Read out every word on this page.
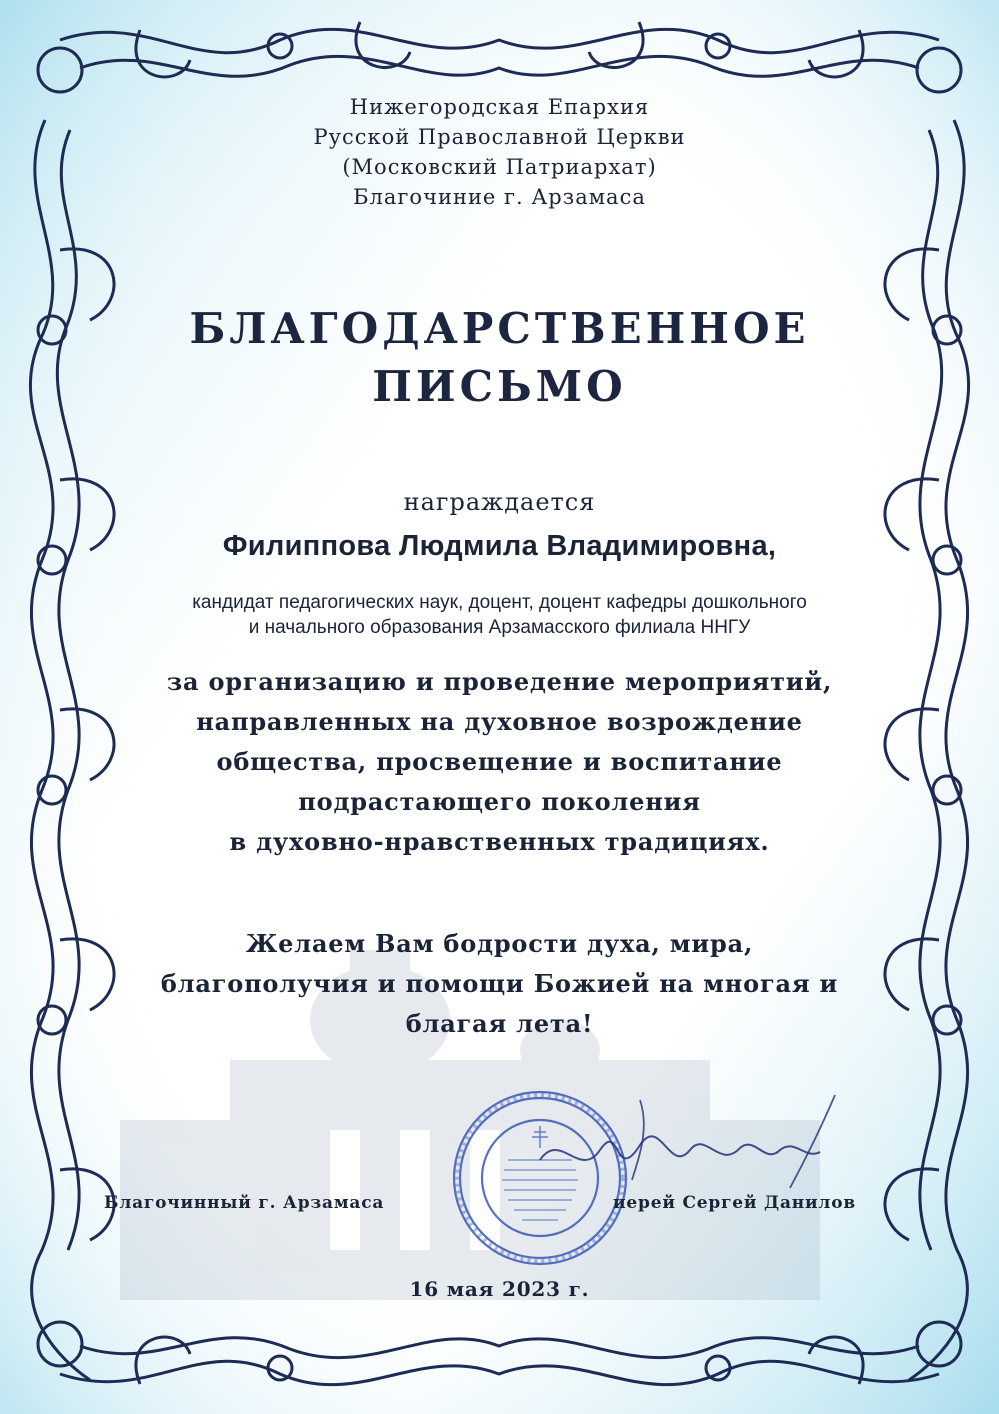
Нижегородская Епархия
Русской Православной Церкви
(Московский Патриархат)
Благочиние г. Арзамаса
БЛАГОДАРСТВЕННОЕ
ПИСЬМО
награждается
Филиппова Людмила Владимировна,
кандидат педагогических наук, доцент, доцент кафедры дошкольного
и начального образования Арзамасского филиала ННГУ
за организацию и проведение мероприятий,
направленных на духовное возрождение
общества, просвещение и воспитание
подрастающего поколения
в духовно-нравственных традициях.
Желаем Вам бодрости духа, мира,
благополучия и помощи Божией на многая и
благая лета!
Благочинный г. Арзамаса	иерей Сергей Данилов
16 мая 2023 г.
